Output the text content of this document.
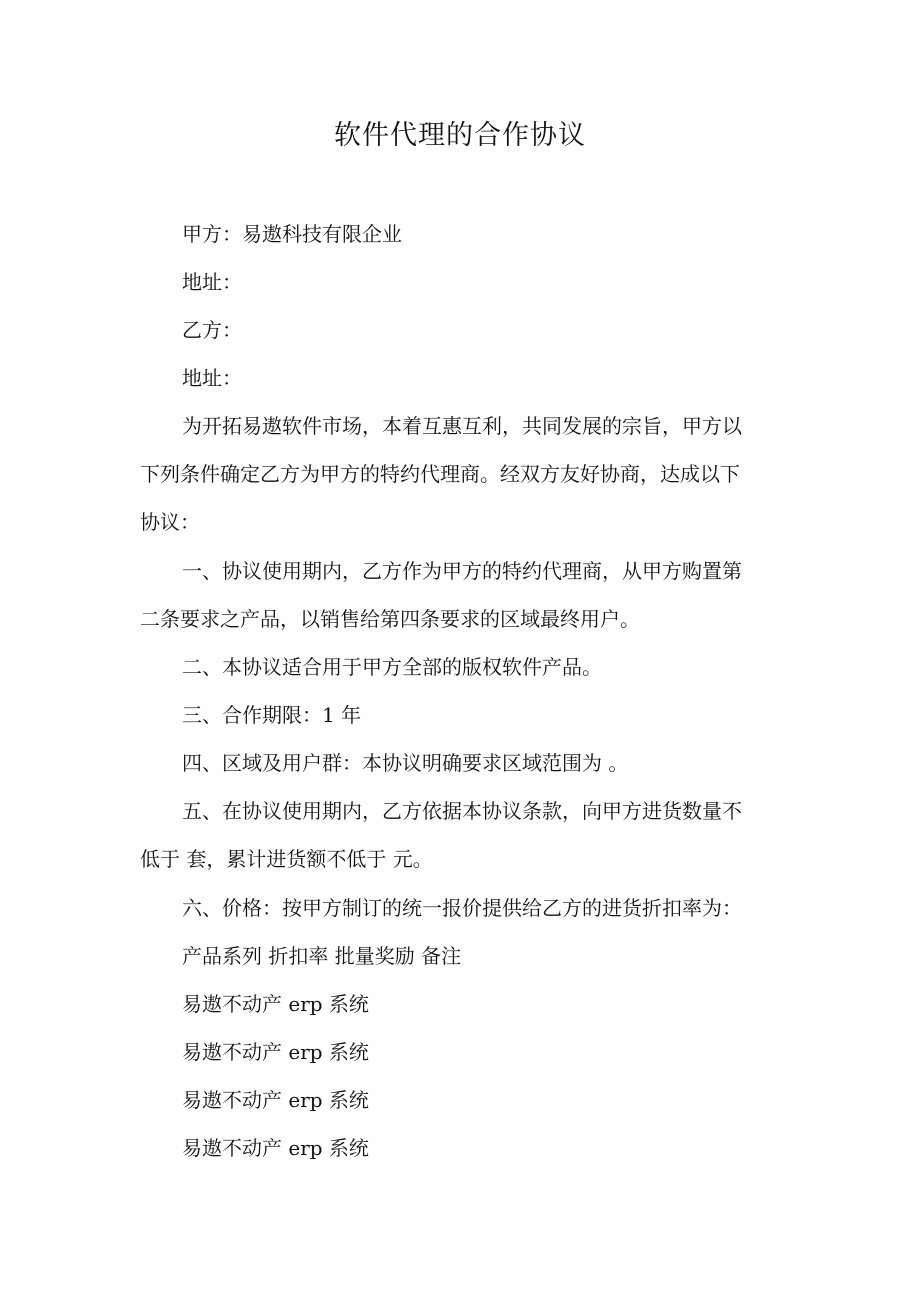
软件代理的合作协议

甲方：易遨科技有限企业

地址：

乙方：

地址：

为开拓易遨软件市场，本着互惠互利，共同发展的宗旨，甲方以

下列条件确定乙方为甲方的特约代理商。经双方友好协商，达成以下

协议：

一、协议使用期内，乙方作为甲方的特约代理商，从甲方购置第

二条要求之产品，以销售给第四条要求的区域最终用户。

二、本协议适合用于甲方全部的版权软件产品。

三、合作期限：1 年

四、区域及用户群：本协议明确要求区域范围为 。

五、在协议使用期内，乙方依据本协议条款，向甲方进货数量不

低于 套，累计进货额不低于 元。

六、价格：按甲方制订的统一报价提供给乙方的进货折扣率为：

产品系列 折扣率 批量奖励 备注

易遨不动产 erp 系统

易遨不动产 erp 系统

易遨不动产 erp 系统

易遨不动产 erp 系统
